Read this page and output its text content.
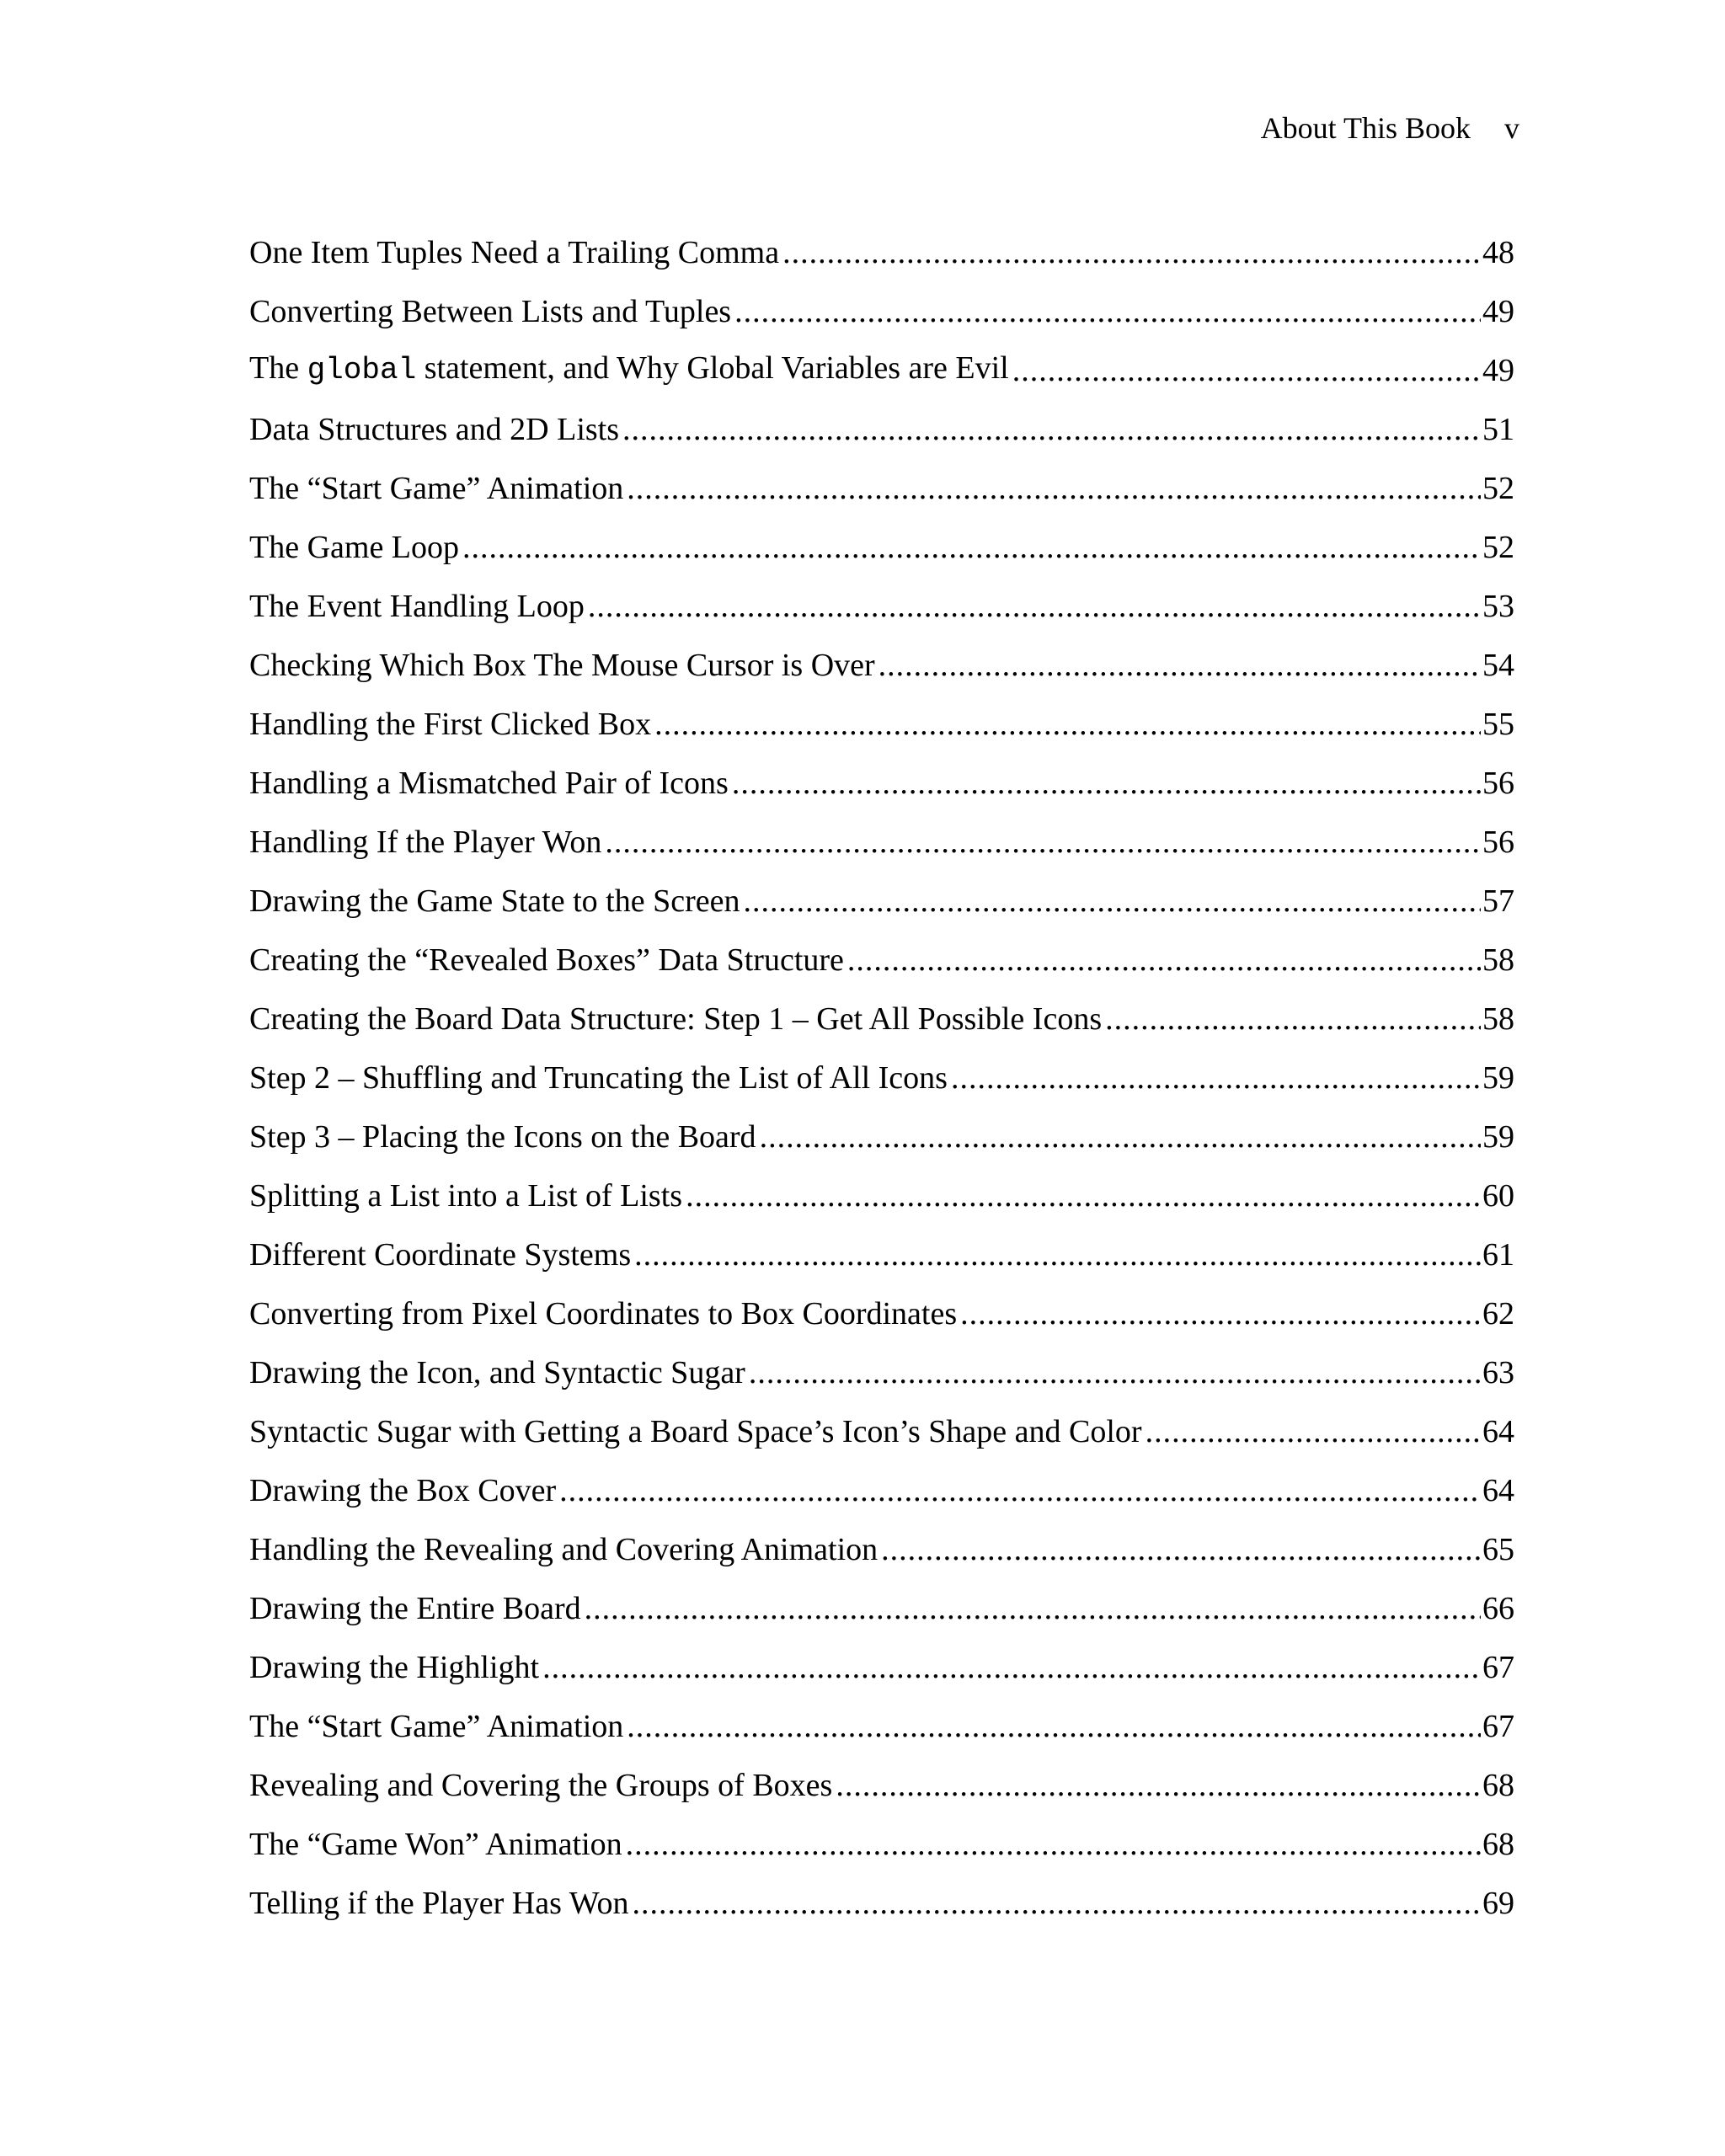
About This Book v
One Item Tuples Need a Trailing Comma .....	48
Converting Between Lists and Tuples .....	49
The global statement, and Why Global Variables are Evil .....	49
Data Structures and 2D Lists .....	51
The “Start Game” Animation .....	52
The Game Loop .....	52
The Event Handling Loop .....	53
Checking Which Box The Mouse Cursor is Over .....	54
Handling the First Clicked Box .....	55
Handling a Mismatched Pair of Icons .....	56
Handling If the Player Won .....	56
Drawing the Game State to the Screen .....	57
Creating the “Revealed Boxes” Data Structure .....	58
Creating the Board Data Structure: Step 1 – Get All Possible Icons .....	58
Step 2 – Shuffling and Truncating the List of All Icons .....	59
Step 3 – Placing the Icons on the Board .....	59
Splitting a List into a List of Lists .....	60
Different Coordinate Systems .....	61
Converting from Pixel Coordinates to Box Coordinates .....	62
Drawing the Icon, and Syntactic Sugar .....	63
Syntactic Sugar with Getting a Board Space’s Icon’s Shape and Color .....	64
Drawing the Box Cover .....	64
Handling the Revealing and Covering Animation .....	65
Drawing the Entire Board .....	66
Drawing the Highlight .....	67
The “Start Game” Animation .....	67
Revealing and Covering the Groups of Boxes .....	68
The “Game Won” Animation .....	68
Telling if the Player Has Won .....	69
